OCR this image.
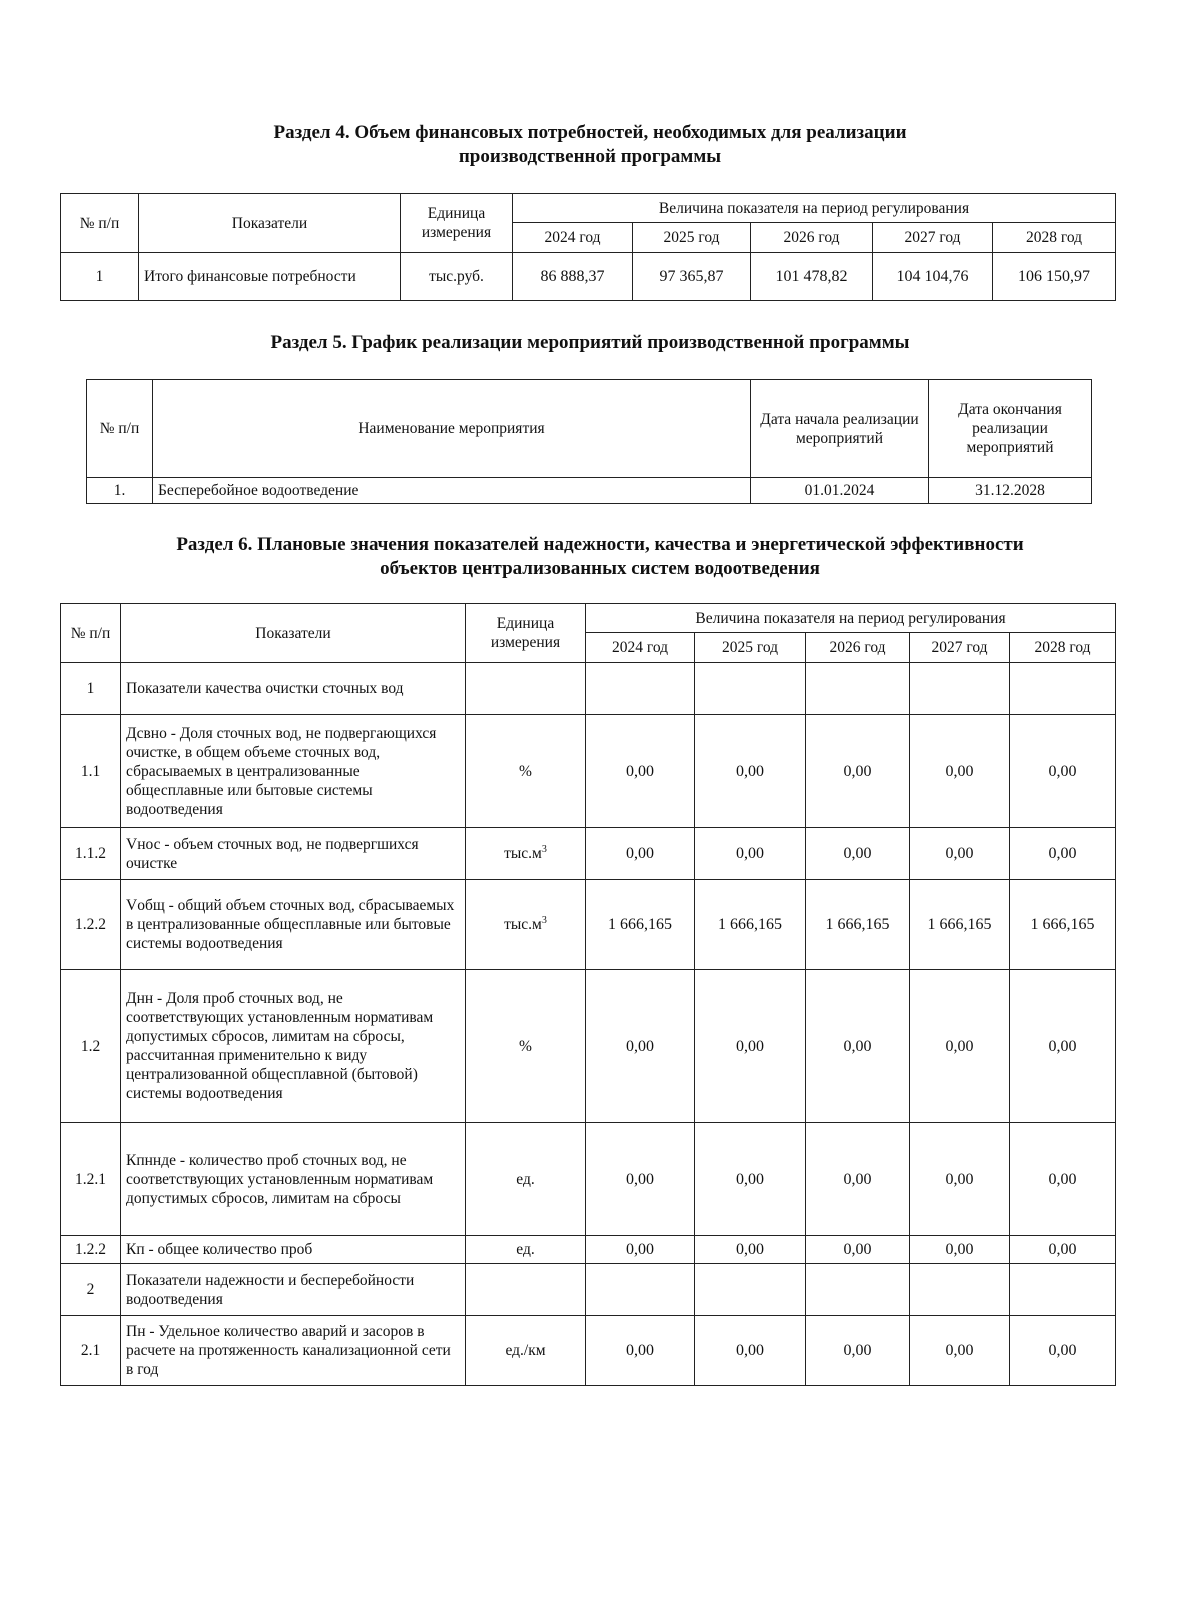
Раздел 4. Объем финансовых потребностей, необходимых для реализации
производственной программы
№ п/п	Показатели	Единица измерения	Величина показателя на период регулирования				
			2024 год	2025 год	2026 год	2027 год	2028 год
1	Итого финансовые потребности	тыс.руб.	86 888,37	97 365,87	101 478,82	104 104,76	106 150,97
Раздел 5. График реализации мероприятий производственной программы
№ п/п	Наименование мероприятия	Дата начала реализации мероприятий	Дата окончания реализации мероприятий
1.	Бесперебойное водоотведение	01.01.2024	31.12.2028
Раздел 6. Плановые значения показателей надежности, качества и энергетической эффективности
объектов централизованных систем водоотведения
№ п/п	Показатели	Единица измерения	Величина показателя на период регулирования				
			2024 год	2025 год	2026 год	2027 год	2028 год
1	Показатели качества очистки сточных вод						
1.1	Дсвно - Доля сточных вод, не подвергающихся очистке, в общем объеме сточных вод, сбрасываемых в централизованные общесплавные или бытовые системы водоотведения	%	0,00	0,00	0,00	0,00	0,00
1.1.2	Vнос - объем сточных вод, не подвергшихся очистке	$тыс.м^3$	0,00	0,00	0,00	0,00	0,00
1.2.2	Vобщ - общий объем сточных вод, сбрасываемых в централизованные общесплавные или бытовые системы водоотведения	$тыс.м^3$	1 666,165	1 666,165	1 666,165	1 666,165	1 666,165
1.2	Днн - Доля проб сточных вод, не соответствующих установленным нормативам допустимых сбросов, лимитам на сбросы, рассчитанная применительно к виду централизованной общесплавной (бытовой) системы водоотведения	%	0,00	0,00	0,00	0,00	0,00
1.2.1	Кпннде - количество проб сточных вод, не соответствующих установленным нормативам допустимых сбросов, лимитам на сбросы	ед.	0,00	0,00	0,00	0,00	0,00
1.2.2	Кп - общее количество проб	ед.	0,00	0,00	0,00	0,00	0,00
2	Показатели надежности и бесперебойности водоотведения						
2.1	Пн - Удельное количество аварий и засоров в расчете на протяженность канализационной сети в год	ед./км	0,00	0,00	0,00	0,00	0,00
